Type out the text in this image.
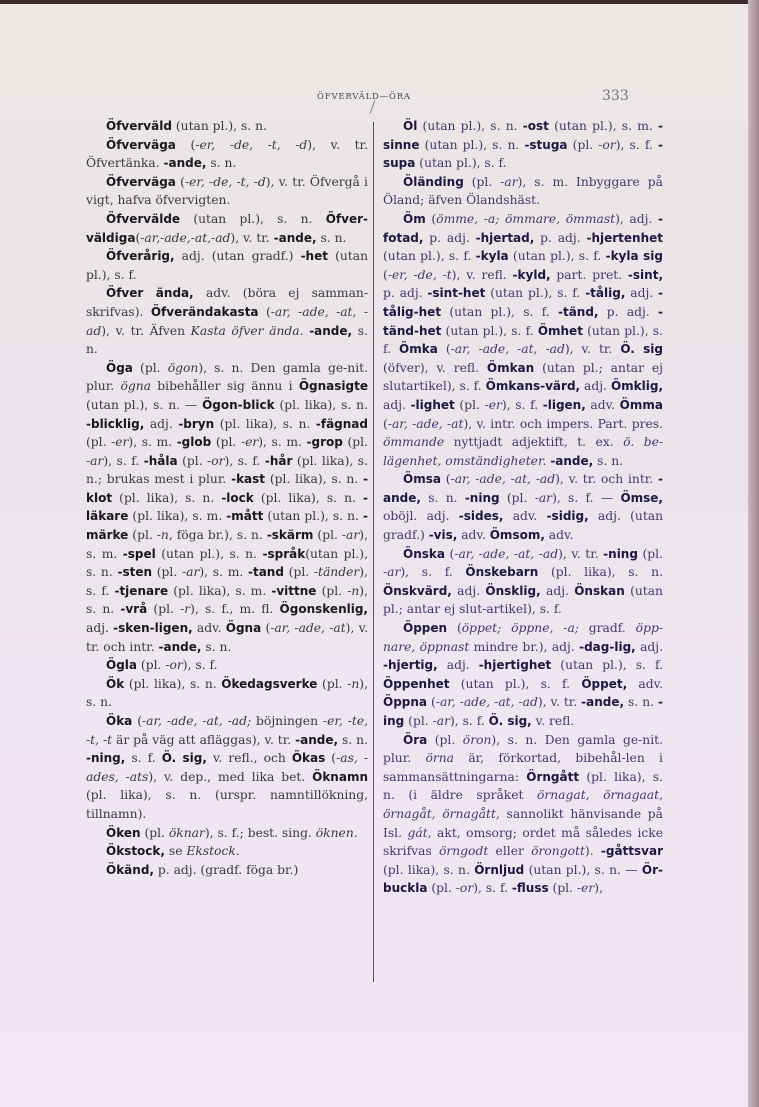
ÖFVERVÄLD—ÖRA	333

Öfverväld (utan pl.), s. n.

Öfverväga (-er, -de, -t, -d), v. tr. Öfvertänka. -ande, s. n.

Öfverväga (-er, -de, -t, -d), v. tr. Öfvergå i vigt, hafva öfvervigten.

Öfvervälde (utan pl.), s. n. Öfver-väldiga(-ar,-ade,-at,-ad), v. tr. -ande, s. n.

Öfverårig, adj. (utan gradf.) -het (utan pl.), s. f.

Öfver ända, adv. (böra ej samman-skrifvas). Öfverändakasta (-ar, -ade, -at, -ad), v. tr. Äfven Kasta öfver ända. -ande, s. n.

Öga (pl. ögon), s. n. Den gamla ge-nit. plur. ögna bibehåller sig ännu i Ögnasigte (utan pl.), s. n. — Ögon-blick (pl. lika), s. n. -blicklig, adj. -bryn (pl. lika), s. n. -fägnad (pl. -er), s. m. -glob (pl. -er), s. m. -grop (pl. -ar), s. f. -håla (pl. -or), s. f. -hår (pl. lika), s. n.; brukas mest i plur. -kast (pl. lika), s. n. -klot (pl. lika), s. n. -lock (pl. lika), s. n. -läkare (pl. lika), s. m. -mått (utan pl.), s. n. -märke (pl. -n, föga br.), s. n. -skärm (pl. -ar), s. m. -spel (utan pl.), s. n. -språk(utan pl.), s. n. -sten (pl. -ar), s. m. -tand (pl. -tänder), s. f. -tjenare (pl. lika), s. m. -vittne (pl. -n), s. n. -vrå (pl. -r), s. f., m. fl. Ögonskenlig, adj. -sken-ligen, adv. Ögna (-ar, -ade, -at), v. tr. och intr. -ande, s. n.

Ögla (pl. -or), s. f.

Ök (pl. lika), s. n. Ökedagsverke (pl. -n), s. n.

Öka (-ar, -ade, -at, -ad; böjningen -er, -te, -t, -t är på väg att afläggas), v. tr. -ande, s. n. -ning, s. f. Ö. sig, v. refl., och Ökas (-as, -ades, -ats), v. dep., med lika bet. Öknamn (pl. lika), s. n. (urspr. namntillökning, tillnamn).

Öken (pl. öknar), s. f.; best. sing. öknen.

Ökstock, se Ekstock.

Ökänd, p. adj. (gradf. föga br.)

Öl (utan pl.), s. n. -ost (utan pl.), s. m. -sinne (utan pl.), s. n. -stuga (pl. -or), s. f. -supa (utan pl.), s. f.

Öländing (pl. -ar), s. m. Inbyggare på Öland; äfven Ölandshäst.

Öm (ömme, -a; ömmare, ömmast), adj. -fotad, p. adj. -hjertad, p. adj. -hjertenhet (utan pl.), s. f. -kyla (utan pl.), s. f. -kyla sig (-er, -de, -t), v. refl. -kyld, part. pret. -sint, p. adj. -sint-het (utan pl.), s. f. -tålig, adj. -tålig-het (utan pl.), s. f. -tänd, p. adj. -tänd-het (utan pl.), s. f. Ömhet (utan pl.), s. f. Ömka (-ar, -ade, -at, -ad), v. tr. Ö. sig (öfver), v. refl. Ömkan (utan pl.; antar ej slutartikel), s. f. Ömkans-värd, adj. Ömklig, adj. -lighet (pl. -er), s. f. -ligen, adv. Ömma (-ar, -ade, -at), v. intr. och impers. Part. pres. ömmande nyttjadt adjektift, t. ex. ö. be-lägenhet, omständigheter. -ande, s. n.

Ömsa (-ar, -ade, -at, -ad), v. tr. och intr. -ande, s. n. -ning (pl. -ar), s. f. — Ömse, oböjl. adj. -sides, adv. -sidig, adj. (utan gradf.) -vis, adv. Ömsom, adv.

Önska (-ar, -ade, -at, -ad), v. tr. -ning (pl. -ar), s. f. Önskebarn (pl. lika), s. n. Önskvärd, adj. Önsklig, adj. Önskan (utan pl.; antar ej slut-artikel), s. f.

Öppen (öppet; öppne, -a; gradf. öpp-nare, öppnast mindre br.), adj. -dag-lig, adj. -hjertig, adj. -hjertighet (utan pl.), s. f. Öppenhet (utan pl.), s. f. Öppet, adv. Öppna (-ar, -ade, -at, -ad), v. tr. -ande, s. n. -ing (pl. -ar), s. f. Ö. sig, v. refl.

Öra (pl. öron), s. n. Den gamla ge-nit. plur. örna är, förkortad, bibehål-len i sammansättningarna: Örngått (pl. lika), s. n. (i äldre språket örnagat, örnagaat, örnagåt, örnagått, sannolikt hänvisande på Isl. gát, akt, omsorg; ordet må således icke skrifvas örngodt eller örongott). -gåttsvar (pl. lika), s. n. Örnljud (utan pl.), s. n. — Ör-buckla (pl. -or), s. f. -fluss (pl. -er),
